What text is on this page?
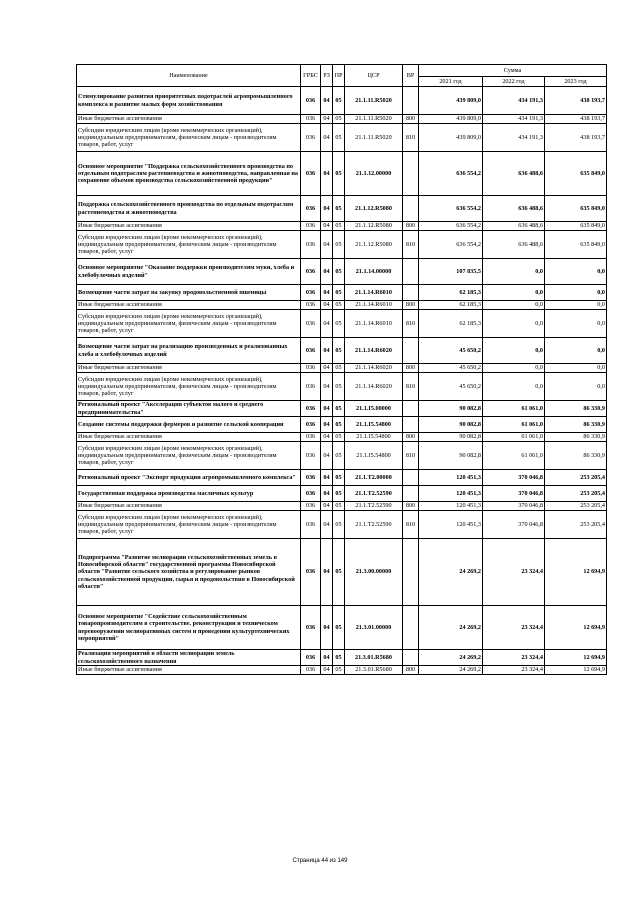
Наименование	ГРБС	РЗ	ПР	ЦСР	ВР	Сумма		
						2021 год	2022 год	2023 год
Стимулирование развития приоритетных подотраслей агропромышленного комплекса и развитие малых форм хозяйствования	036	04	05	21.1.11.R5020		439 809,0	434 191,3	438 193,7
Иные бюджетные ассигнования	036	04	05	21.1.11.R5020	800	439 809,0	434 191,3	438 193,7
Субсидии юридическим лицам (кроме некоммерческих организаций), индивидуальным предпринимателям, физическим лицам - производителям товаров, работ, услуг	036	04	05	21.1.11.R5020	810	439 809,0	434 191,3	438 193,7
Основное мероприятие "Поддержка сельскохозяйственного производства по отдельным подотраслям растениеводства и животноводства, направленная на сохранение объемов производства сельскохозяйственной продукции"	036	04	05	21.1.12.00000		636 554,2	636 488,6	635 849,0
Поддержка сельскохозяйственного производства по отдельным подотраслям растениеводства и животноводства	036	04	05	21.1.12.R5080		636 554,2	636 488,6	635 849,0
Иные бюджетные ассигнования	036	04	05	21.1.12.R5080	800	636 554,2	636 488,6	635 849,0
Субсидии юридическим лицам (кроме некоммерческих организаций), индивидуальным предпринимателям, физическим лицам - производителям товаров, работ, услуг	036	04	05	21.1.12.R5080	810	636 554,2	636 488,6	635 849,0
Основное мероприятие "Оказание поддержки производителям муки, хлеба и хлебобулочных изделий"	036	04	05	21.1.14.00000		107 835,5	0,0	0,0
Возмещение части затрат на закупку продовольственной пшеницы	036	04	05	21.1.14.R6010		62 185,3	0,0	0,0
Иные бюджетные ассигнования	036	04	05	21.1.14.R6010	800	62 185,3	0,0	0,0
Субсидии юридическим лицам (кроме некоммерческих организаций), индивидуальным предпринимателям, физическим лицам - производителям товаров, работ, услуг	036	04	05	21.1.14.R6010	810	62 185,3	0,0	0,0
Возмещение части затрат на реализацию произведенных и реализованных хлеба и хлебобулочных изделий	036	04	05	21.1.14.R6020		45 650,2	0,0	0,0
Иные бюджетные ассигнования	036	04	05	21.1.14.R6020	800	45 650,2	0,0	0,0
Субсидии юридическим лицам (кроме некоммерческих организаций), индивидуальным предпринимателям, физическим лицам - производителям товаров, работ, услуг	036	04	05	21.1.14.R6020	810	45 650,2	0,0	0,0
Региональный проект "Акселерация субъектов малого и среднего предпринимательства"	036	04	05	21.1.I5.00000		90 082,8	61 061,0	86 330,9
Создание системы поддержки фермеров и развитие сельской кооперации	036	04	05	21.1.I5.54800		90 082,8	61 061,0	86 330,9
Иные бюджетные ассигнования	036	04	05	21.1.I5.54800	800	90 082,8	61 061,0	86 330,9
Субсидии юридическим лицам (кроме некоммерческих организаций), индивидуальным предпринимателям, физическим лицам - производителям товаров, работ, услуг	036	04	05	21.1.I5.54800	810	90 082,8	61 061,0	86 330,9
Региональный проект "Экспорт продукции агропромышленного комплекса"	036	04	05	21.1.T2.00000		120 451,3	370 046,8	253 205,4
Государственная поддержка производства масличных культур	036	04	05	21.1.T2.52590		120 451,3	370 046,8	253 205,4
Иные бюджетные ассигнования	036	04	05	21.1.T2.52590	800	120 451,3	370 046,8	253 205,4
Субсидии юридическим лицам (кроме некоммерческих организаций), индивидуальным предпринимателям, физическим лицам - производителям товаров, работ, услуг	036	04	05	21.1.T2.52590	810	120 451,3	370 046,8	253 205,4
Подпрограмма "Развитие мелиорации сельскохозяйственных земель в Новосибирской области" государственной программы Новосибирской области "Развитие сельского хозяйства и регулирование рынков сельскохозяйственной продукции, сырья и продовольствия в Новосибирской области"	036	04	05	21.3.00.00000		24 269,2	23 324,4	12 694,9
Основное мероприятие "Содействие сельскохозяйственным товаропроизводителям в строительстве, реконструкции и техническом перевооружении мелиоративных систем и проведении культуртехнических мероприятий"	036	04	05	21.3.01.00000		24 269,2	23 324,4	12 694,9
Реализация мероприятий в области мелиорации земель сельскохозяйственного назначения	036	04	05	21.3.01.R5680		24 269,2	23 324,4	12 694,9
Иные бюджетные ассигнования	036	04	05	21.3.01.R5680	800	24 269,2	23 324,4	12 694,9
Страница 44 из 149
